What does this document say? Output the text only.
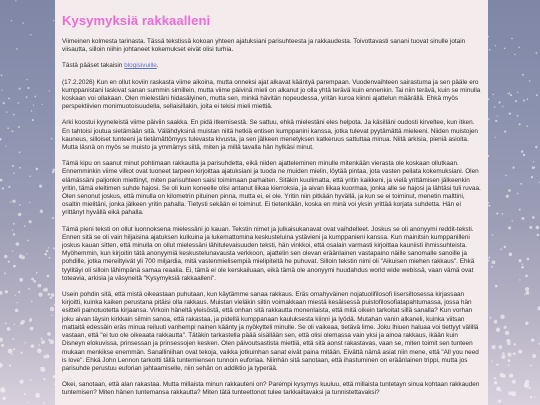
Kysymyksiä rakkaalleni

Viimeinen kolmesta tarinasta. Tässä tekstissä kokoan yhteen ajatuksiani parisuhteesta ja rakkaudesta. Toivottavasti sanani tuovat sinulle jotain viisautta, silloin niihin johtaneet kokemukset eivät olisi turhia.

Tästä pääset takaisin blogisivuille.

(17.2.2026) Kun en ollut koviin raskasta viime aikoina, mutta onneksi ajat alkavat kääntyä parempaan. Vuodenvaihteen sairastuma ja sen pääle ero kumppanistani laskivat sanan summin simillein, mutta viime päivinä mieli on alkanut jo olla yhtä terävä kuin ennenkin. Tai niin terävä, kuin se minulla koskaan voi ollakaan. Olen mielestäni hidasälyinen, mutta sen, minkä hävitän nopeudessa, yritän kuroa kiinni ajattelun määrällä. Ehkä myös perspektiivien monimuotoisuudella, sellaisillakin, joita ei tekisi mieli miettiä.

Arki koostui kyyneleistä viime päiviin saakka. En pidä itkemisestä. Se sattuu, ehkä mielestäni eles helpota. Ja käsilläni oudosti kirveltee, kun itken. En tahtoisi joutua sietämään sitä. Välähdyksinä muistan niitä hetkiä entisen kumppanini kanssa, jotka tulevat pyytämättä mieleeni. Niiden muistojen kauneus, silloiset tunteeni ja tietämättömyys tulevasta kivusta, ja sen jälkeen menetyksen katkeruus sattuttaa minua. Niitä arkisia, pieniä asioita. Mutta läsnä on myös se muisto ja ymmärrys siitä, miten ja millä tavalla hän hylkäsi minut.

Tämä kipu on saanut minut pohtimaan rakkautta ja parisuhdetta, eikä niiden ajatteleminen minulle mitenkään vierasta ole koskaan ollutkaan. Ennemminkin viime vilkot ovat tuoneet tarpeen kirjoittaa ajatuksiani ja tuoda ne muiden mielin, löytää pintaa, jota vasten peilata kokemuksiani. Olen elämässäni paljonkin miettinyt, miten parisuhteen saisi toimimaan parhaiten. Sitäkin kuulimatta, että yritin kaikkeni, ja vielä yrittämisen jälkeenkin yritin, tämä eleltimen suhde hajosi. Se oli kuin koneelle olisi antanut liikaa kierroksia, ja aivan liikaa kuormaa, jonka alle se hajosi ja lähtäsi tuli ruvaa. Olen senonut joskus, että minulla on kilometrin pituinen pinna, mutta ei, ei ole. Yritin niin pitkään hyvällä, ja kun se ei toiminut, menetin malttini, osaltin mielitäni, jonka jälkeen yritin pahalla. Tietysti sekään ei toiminut. Ei tietenkään, koska en minä voi yksin yrittää korjata suhdetta. Hän ei yrittänyt hyvällä eikä pahalla.

Tämä pieni teksti on ollut luonnoksena mielessäni jo kauan. Tekstin nimet ja julkaisukanavat ovat vaihdelleet. Joskus se oli anonyymi reddit-teksti. Ennen sitä se oli vain hiljaisina ajatuksen kulkuina ja lukemattomina keskusteluina ystävieni ja kumppanieni kanssa. Kun mainitsin kumppanilleni joskus kauan sitten, että minulla on ollut mielessäni lähitulevaisuuden teksti, hän vinkkoi, että osalain varmasti kirjoittaa kauniisti ihmissuhteista. Myöhemmin, kun kirjoitin tätä anonyymiä keskustelunavausta verkkoon, ajattelin sen olevan eräänlainen vastapaino näille sanomalle sanoille ja pohdille, jotka mereiltyivät yli 700 miljardia, mitä vastenmielisempiä mielipiteitä he puhuvat. Silloin tekstin nimi oli "Aikuisen miehen rakkaus". Ehkä tyylitäyi oli silloin lähimpänä samaa reaalia. Ei, tämä ei ole kerskailuaan, eikä tämä ole anonyymi huudahdus world wide webissä, vaan vämä ovat toteavia, arkisia ja väsyneitä "Kysymyksiä rakkaalleni".

Usein pohdin sitä, että mistä oikeastaan puhutaan, kun käytämme sanaa rakkaus. Eräs omahyväinen nojatuolifilosofi lisersiltosessa kirjassaan kirjoitti, kuinka kaiken perustana pitäisi olla rakkaus. Muistan vieläkin siltin voimakkaan miestä kesäisessä puistofilosofiatapahtumassa, jossa hän esitteli painotuotetta kirjaansa. Virkoin häneltä yleisöstä, että onhan sitä rakkautta monenlaista, että mitä oikein tarkoitat sillä sanalla? Kun vorhan joku aivan täysin kirkkain silmin sanoa, että rakastaa, ja pidellä kumppanaan kauluksesta kiinni ja lyödä. Mutahan vanin alkaneli, kuinka viitsan mattaitä edessäin eräs minua reiluuti vanhempi nainen käänty ja nyökytteli minulle. Se oli vaikeaa, tietävä lime. Joku lhiuen haluaa voi tiettyyt välillä vastaan, että "ei tuo ole oikeaata rakkautta". Tätäkin tarkastella päää sisällään sen, että olisi olemassa vain yksi ja ainoa rakkaus, ikään kuin Disneyn elokuvissa, prinsessan ja prinsessojen kesken. Olen päivoutsastista miettiä, että sitä aonst rakastavas, vaan se, miten toimit sen tunteen mukaan menkikse enemmän. Sanalliniihan ovat tekoja, vaikka jotkuinhan sanat eivät paina mitään. Eivättä nämä asiat niin mene, että "All you need is love". Ehkä John Lennon tarkoitti tällä tuntemiensen tunnoin euforiaa. Niinhän sitä sanotaan, että ihastuminen on eräänlainen trippi, mutta jos parisuhde perustuu euforian jahtaamiselle, niin sehän on addiktio ja typerää.

Okei, sanotaan, että alan rakastaa. Mutta millaista minun rakkauteni on? Parempi kysymys kuuluu, että millaista tuntetayn sinua kohtaan rakkauden tuntemisen? Miten hänen tuntemansa rakkautta? Miten tätä tunteettonot tulee tarkkailtavaksi ja tunnistettavaksi?
